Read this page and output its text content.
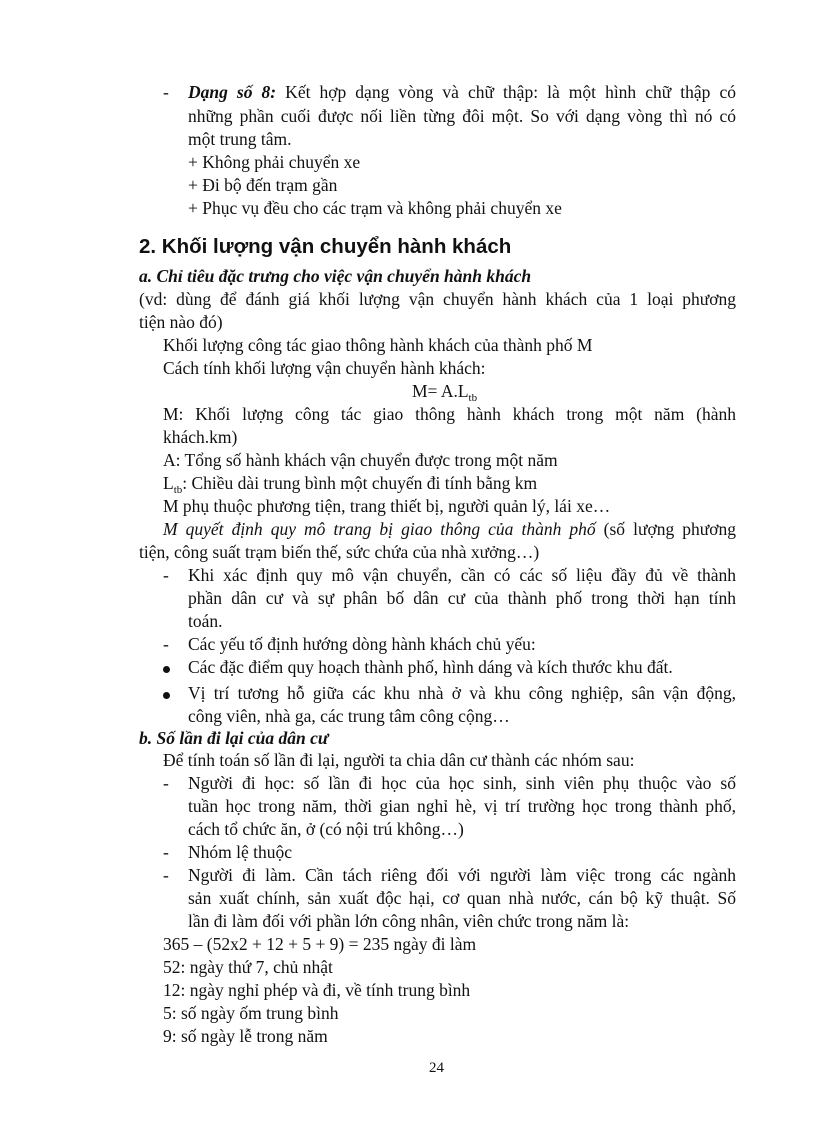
- Dạng số 8: Kết hợp dạng vòng và chữ thập: là một hình chữ thập có
những phần cuối được nối liền từng đôi một. So với dạng vòng thì nó có
một trung tâm.
+ Không phải chuyển xe
+ Đi bộ đến trạm gần
+ Phục vụ đều cho các trạm và không phải chuyển xe
2. Khối lượng vận chuyển hành khách
a. Chỉ tiêu đặc trưng cho việc vận chuyển hành khách
(vd: dùng để đánh giá khối lượng vận chuyển hành khách của 1 loại phương
tiện nào đó)
Khối lượng công tác giao thông hành khách của thành phố M
Cách tính khối lượng vận chuyển hành khách:
$M= A.L_{tb}$
M: Khối lượng công tác giao thông hành khách trong một năm (hành
khách.km)
A: Tổng số hành khách vận chuyển được trong một năm
$L_{tb}$: Chiều dài trung bình một chuyến đi tính bằng km
M phụ thuộc phương tiện, trang thiết bị, người quản lý, lái xe…
M quyết định quy mô trang bị giao thông của thành phố (số lượng phương
tiện, công suất trạm biến thế, sức chứa của nhà xưởng…)
- Khi xác định quy mô vận chuyển, cần có các số liệu đầy đủ về thành
phần dân cư và sự phân bố dân cư của thành phố trong thời hạn tính
toán.
- Các yếu tố định hướng dòng hành khách chủ yếu:
Các đặc điểm quy hoạch thành phố, hình dáng và kích thước khu đất.
Vị trí tương hỗ giữa các khu nhà ở và khu công nghiệp, sân vận động,
công viên, nhà ga, các trung tâm công cộng…
b. Số lần đi lại của dân cư
Để tính toán số lần đi lại, người ta chia dân cư thành các nhóm sau:
- Người đi học: số lần đi học của học sinh, sinh viên phụ thuộc vào số
tuần học trong năm, thời gian nghỉ hè, vị trí trường học trong thành phố,
cách tổ chức ăn, ở (có nội trú không…)
- Nhóm lệ thuộc
- Người đi làm. Cần tách riêng đối với người làm việc trong các ngành
sản xuất chính, sản xuất độc hại, cơ quan nhà nước, cán bộ kỹ thuật. Số
lần đi làm đối với phần lớn công nhân, viên chức trong năm là:
365 – (52x2 + 12 + 5 + 9) = 235 ngày đi làm
52: ngày thứ 7, chủ nhật
12: ngày nghỉ phép và đi, về tính trung bình
5: số ngày ốm trung bình
9: số ngày lễ trong năm
24
